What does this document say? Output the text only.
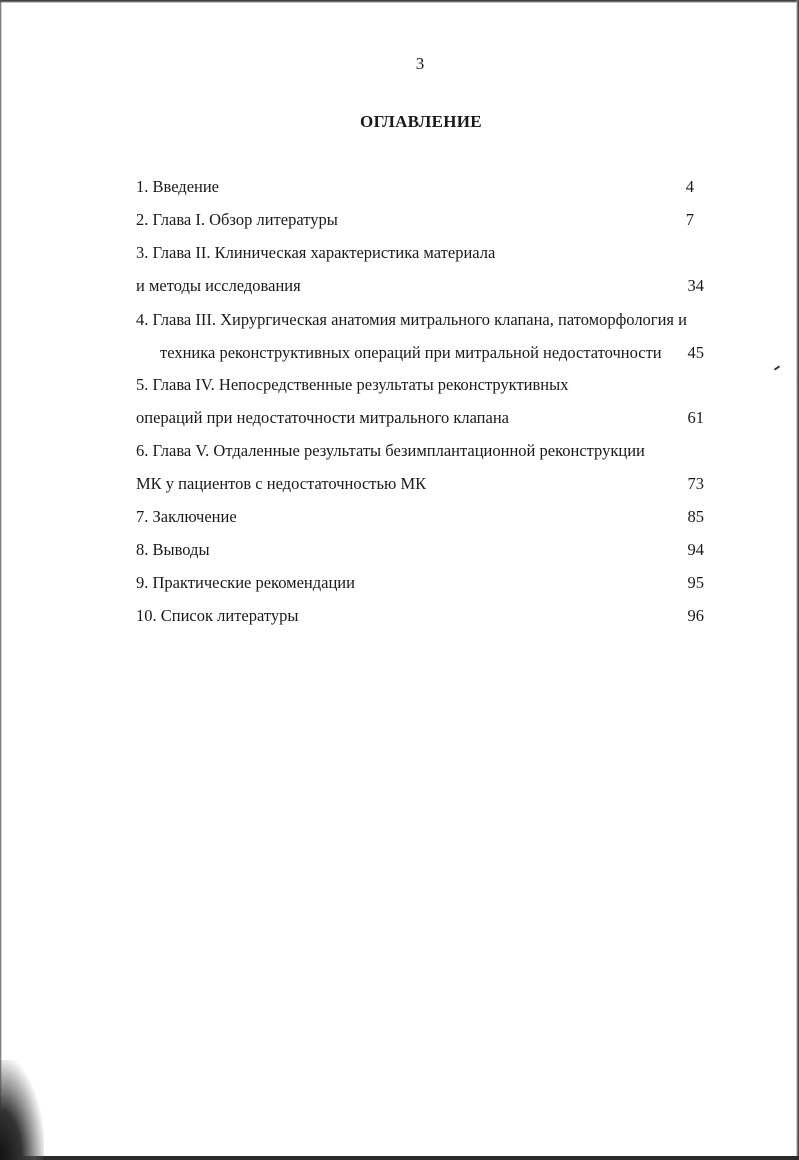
3
ОГЛАВЛЕНИЕ
1. Введение	4
2. Глава I. Обзор литературы	7
3. Глава II. Клиническая характеристика материала
и методы исследования	34
4. Глава III. Хирургическая анатомия митрального клапана, патоморфология и
техника реконструктивных операций при митральной недостаточности	45
5. Глава IV. Непосредственные результаты реконструктивных
операций при недостаточности митрального клапана	61
6. Глава V. Отдаленные результаты безимплантационной реконструкции
МК у пациентов с недостаточностью МК	73
7. Заключение	85
8. Выводы	94
9. Практические рекомендации	95
10. Список литературы	96
